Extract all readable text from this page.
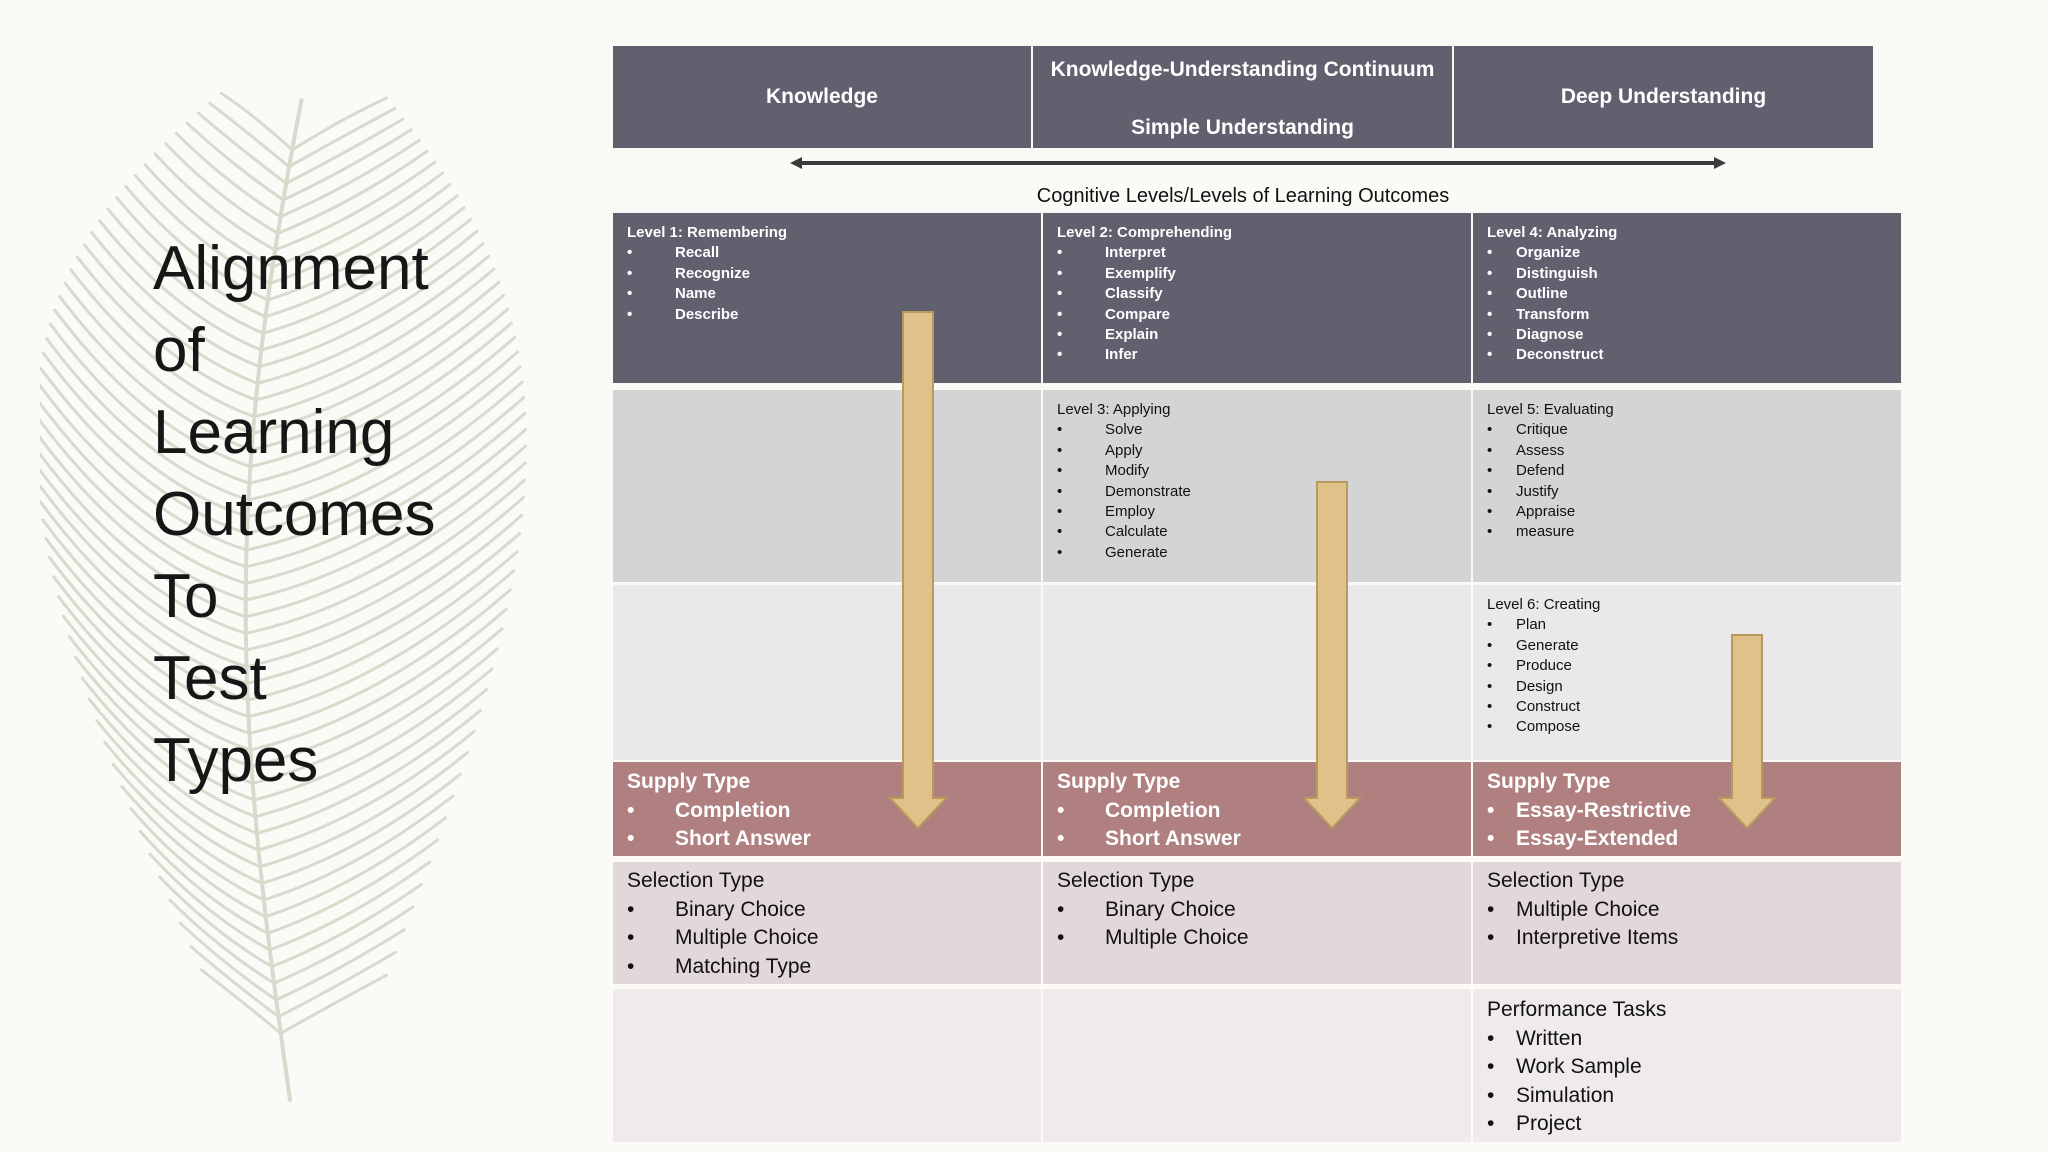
Alignment
of
Learning
Outcomes
To
Test
Types
Knowledge
Knowledge-Understanding Continuum
Simple Understanding
Deep Understanding
Cognitive Levels/Levels of Learning Outcomes
Level 1: Remembering
• Recall
• Recognize
• Name
• Describe
Level 2: Comprehending
• Interpret
• Exemplify
• Classify
• Compare
• Explain
• Infer
Level 4: Analyzing
• Organize
• Distinguish
• Outline
• Transform
• Diagnose
• Deconstruct
Level 3: Applying
• Solve
• Apply
• Modify
• Demonstrate
• Employ
• Calculate
• Generate
Level 5: Evaluating
• Critique
• Assess
• Defend
• Justify
• Appraise
• measure
Level 6: Creating
• Plan
• Generate
• Produce
• Design
• Construct
• Compose
Supply Type
• Completion
• Short Answer
Supply Type
• Completion
• Short Answer
Supply Type
• Essay-Restrictive
• Essay-Extended
Selection Type
• Binary Choice
• Multiple Choice
• Matching Type
Selection Type
• Binary Choice
• Multiple Choice
Selection Type
• Multiple Choice
• Interpretive Items
Performance Tasks
• Written
• Work Sample
• Simulation
• Project
